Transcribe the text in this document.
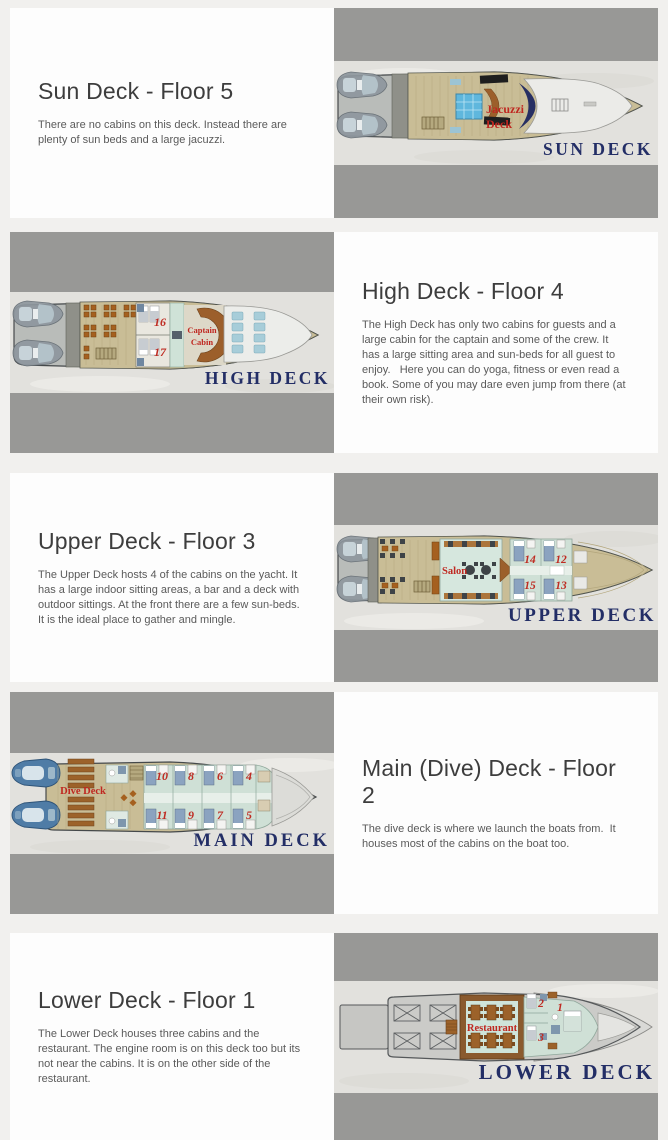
Sun Deck - Floor 5

There are no cabins on this deck. Instead there are plenty of sun beds and a large jacuzzi.

Jacuzzi
Deck
SUN DECK
16
17
Captain
Cabin
HIGH DECK
High Deck - Floor 4

The High Deck has only two cabins for guests and a large cabin for the captain and some of the crew. It has a large sitting area and sun-beds for all guest to enjoy.   Here you can do yoga, fitness or even read a book. Some of you may dare even jump from there (at their own risk).

Upper Deck - Floor 3

The Upper Deck hosts 4 of the cabins on the yacht. It has a large indoor sitting areas, a bar and a deck with outdoor sittings. At the front there are a few sun-beds.  It is the ideal place to gather and mingle.

Salon
14 12
15 13
UPPER DECK
Dive Deck
10 8 6 4
11 9 7 5
MAIN DECK
Main (Dive) Deck - Floor 2

The dive deck is where we launch the boats from.  It houses most of the cabins on the boat too.

Lower Deck - Floor 1

The Lower Deck houses three cabins and the restaurant. The engine room is on this deck too but its not near the cabins. It is on the other side of the restaurant.

Restaurant
2
3
1
LOWER DECK
